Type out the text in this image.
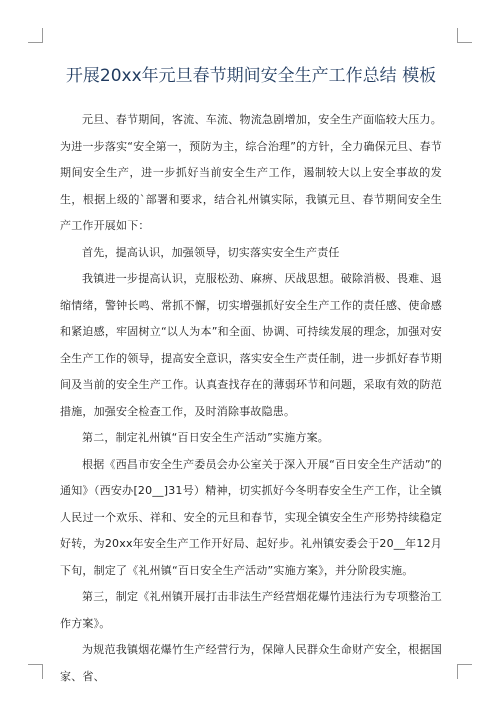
开展20xx年元旦春节期间安全生产工作总结 模板

元旦、春节期间，客流、车流、物流急剧增加，安全生产面临较大压力。为进一步落实“安全第一，预防为主，综合治理”的方针，全力确保元旦、春节期间安全生产，进一步抓好当前安全生产工作，遏制较大以上安全事故的发生，根据上级的`部署和要求，结合礼州镇实际，我镇元旦、春节期间安全生产工作开展如下：

首先，提高认识，加强领导，切实落实安全生产责任

我镇进一步提高认识，克服松劲、麻痹、厌战思想。破除消极、畏难、退缩情绪，警钟长鸣、常抓不懈，切实增强抓好安全生产工作的责任感、使命感和紧迫感，牢固树立“以人为本”和全面、协调、可持续发展的理念，加强对安全生产工作的领导，提高安全意识，落实安全生产责任制，进一步抓好春节期间及当前的安全生产工作。认真查找存在的薄弱环节和问题，采取有效的防范措施，加强安全检查工作，及时消除事故隐患。

第二，制定礼州镇“百日安全生产活动”实施方案。

根据《西昌市安全生产委员会办公室关于深入开展“百日安全生产活动”的通知》（西安办[20__]31号）精神，切实抓好今冬明春安全生产工作，让全镇人民过一个欢乐、祥和、安全的元旦和春节，实现全镇安全生产形势持续稳定好转，为20xx年安全生产工作开好局、起好步。礼州镇安委会于20__年12月下旬，制定了《礼州镇“百日安全生产活动”实施方案》，并分阶段实施。

第三，制定《礼州镇开展打击非法生产经营烟花爆竹违法行为专项整治工作方案》。

为规范我镇烟花爆竹生产经营行为，保障人民群众生命财产安全，根据国家、省、
